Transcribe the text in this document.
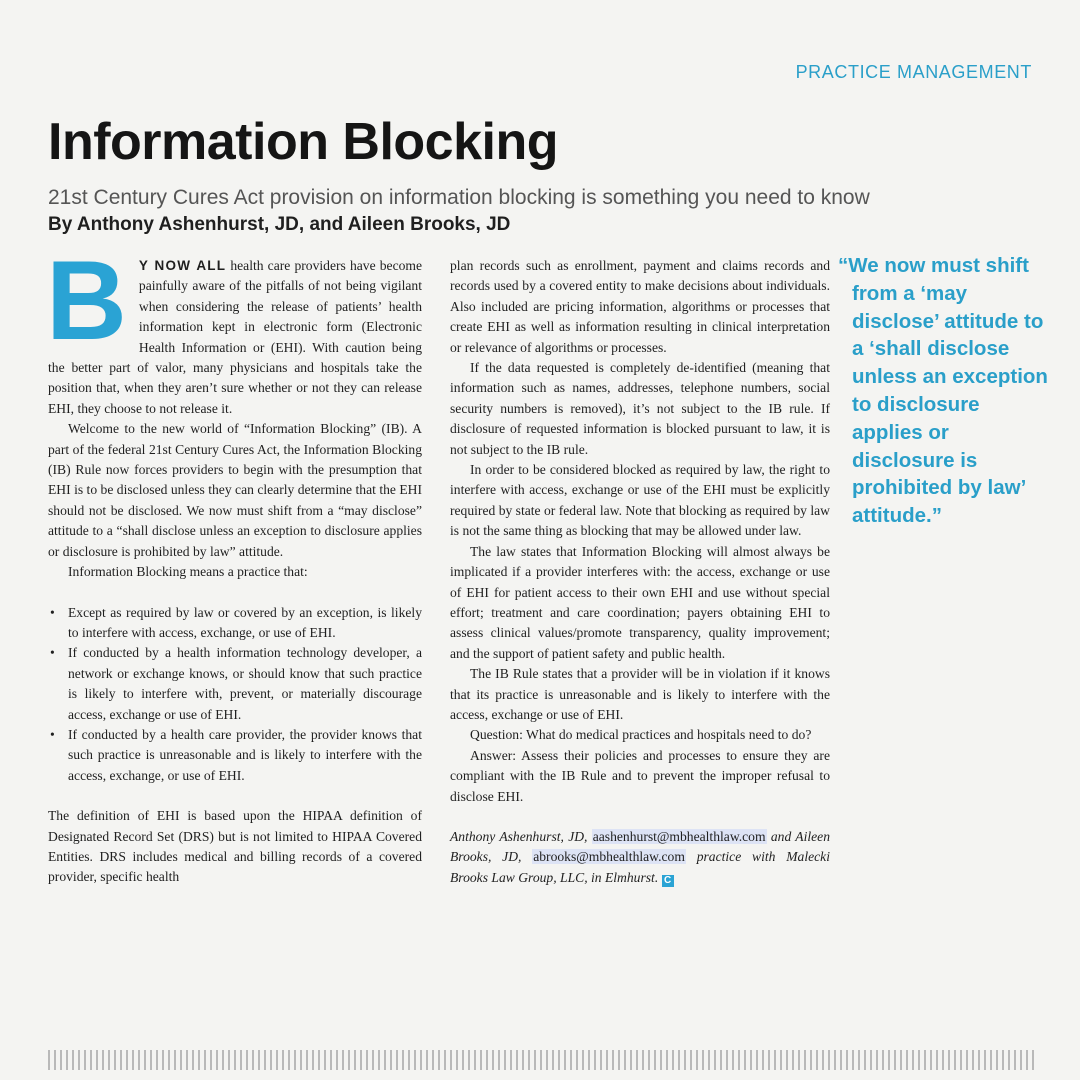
PRACTICE MANAGEMENT
Information Blocking

21st Century Cures Act provision on information blocking is something you need to know

By Anthony Ashenhurst, JD, and Aileen Brooks, JD

B Y NOW ALL health care providers have become painfully aware of the pitfalls of not being vigilant when considering the release of patients’ health information kept in electronic form (Electronic Health Information or (EHI). With caution being the better part of valor, many physicians and hospitals take the position that, when they aren’t sure whether or not they can release EHI, they choose to not release it.

Welcome to the new world of “Information Blocking” (IB). A part of the federal 21st Century Cures Act, the Information Blocking (IB) Rule now forces providers to begin with the presumption that EHI is to be disclosed unless they can clearly determine that the EHI should not be disclosed. We now must shift from a “may disclose” attitude to a “shall disclose unless an exception to disclosure applies or disclosure is prohibited by law” attitude.

Information Blocking means a practice that:

• Except as required by law or covered by an exception, is likely to interfere with access, exchange, or use of EHI.
• If conducted by a health information technology developer, a network or exchange knows, or should know that such practice is likely to interfere with, prevent, or materially discourage access, exchange or use of EHI.
• If conducted by a health care provider, the provider knows that such practice is unreasonable and is likely to interfere with the access, exchange, or use of EHI.

The definition of EHI is based upon the HIPAA definition of Designated Record Set (DRS) but is not limited to HIPAA Covered Entities. DRS includes medical and billing records of a covered provider, specific health

plan records such as enrollment, payment and claims records and records used by a covered entity to make decisions about individuals. Also included are pricing information, algorithms or processes that create EHI as well as information resulting in clinical interpretation or relevance of algorithms or processes.

If the data requested is completely de-identified (meaning that information such as names, addresses, telephone numbers, social security numbers is removed), it’s not subject to the IB rule. If disclosure of requested information is blocked pursuant to law, it is not subject to the IB rule.

In order to be considered blocked as required by law, the right to interfere with access, exchange or use of the EHI must be explicitly required by state or federal law. Note that blocking as required by law is not the same thing as blocking that may be allowed under law.

The law states that Information Blocking will almost always be implicated if a provider interferes with: the access, exchange or use of EHI for patient access to their own EHI and use without special effort; treatment and care coordination; payers obtaining EHI to assess clinical values/promote transparency, quality improvement; and the support of patient safety and public health.

The IB Rule states that a provider will be in violation if it knows that its practice is unreasonable and is likely to interfere with the access, exchange or use of EHI.

Question: What do medical practices and hospitals need to do?

Answer: Assess their policies and processes to ensure they are compliant with the IB Rule and to prevent the improper refusal to disclose EHI.

Anthony Ashenhurst, JD, aashenhurst@mbhealthlaw.com and Aileen Brooks, JD, abrooks@mbhealthlaw.com practice with Malecki Brooks Law Group, LLC, in Elmhurst. C

“We now must shift from a ‘may disclose’ attitude to a ‘shall disclose unless an exception to disclosure applies or disclosure is prohibited by law’ attitude.”
